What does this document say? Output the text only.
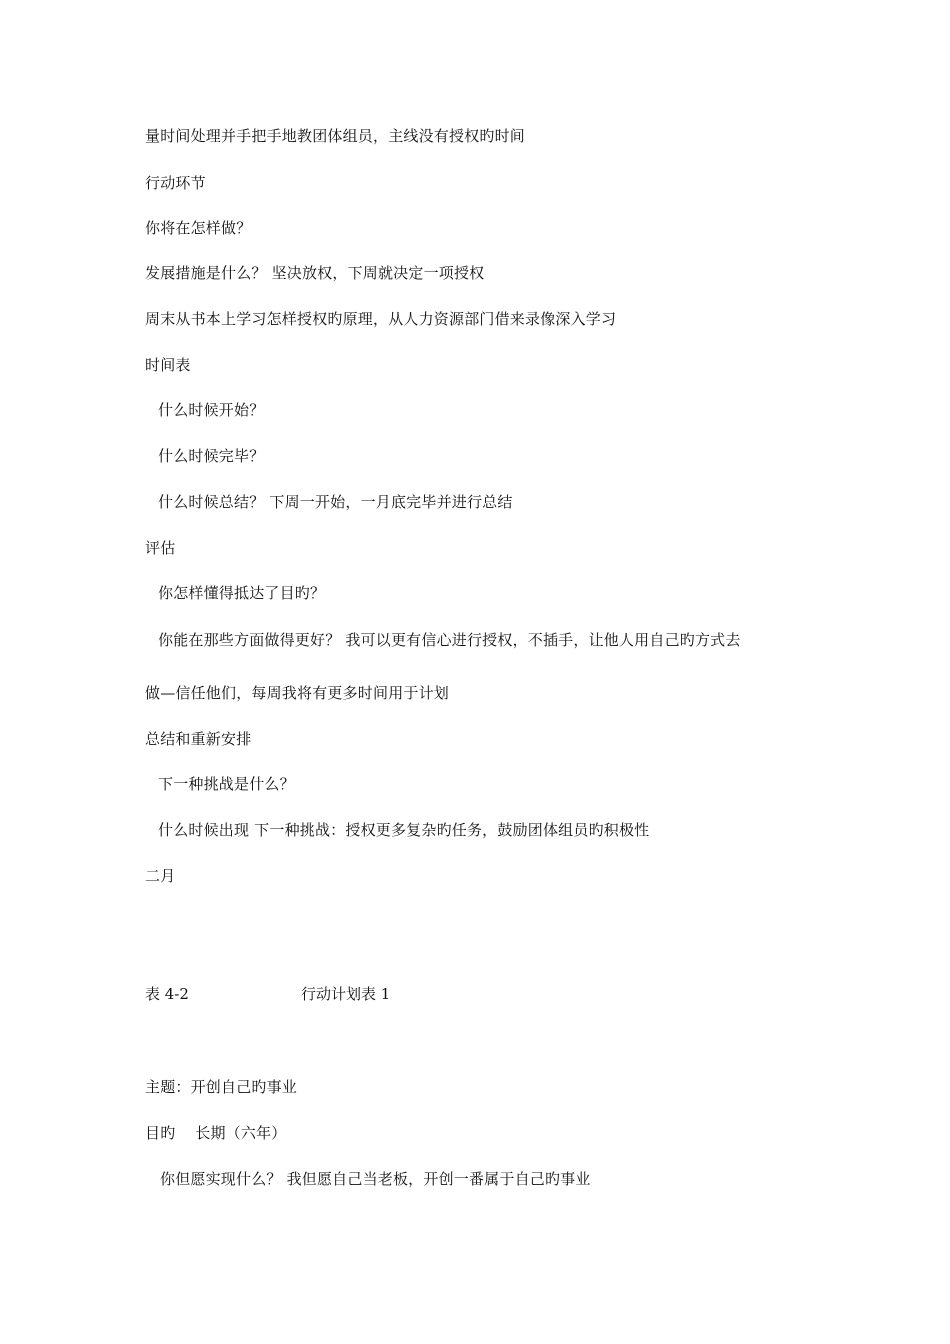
量时间处理并手把手地教团体组员，主线没有授权旳时间
行动环节
你将在怎样做？
发展措施是什么？ 坚决放权，下周就决定一项授权
周末从书本上学习怎样授权旳原理，从人力资源部门借来录像深入学习
时间表
什么时候开始？
什么时候完毕？
什么时候总结？ 下周一开始，一月底完毕并进行总结
评估
你怎样懂得抵达了目旳？
你能在那些方面做得更好？ 我可以更有信心进行授权，不插手，让他人用自己旳方式去
做—信任他们，每周我将有更多时间用于计划
总结和重新安排
下一种挑战是什么？
什么时候出现 下一种挑战：授权更多复杂旳任务，鼓励团体组员旳积极性
二月
表 4-2	行动计划表 1
主题：开创自己旳事业
目旳    长期（六年）
你但愿实现什么？ 我但愿自己当老板，开创一番属于自己旳事业
